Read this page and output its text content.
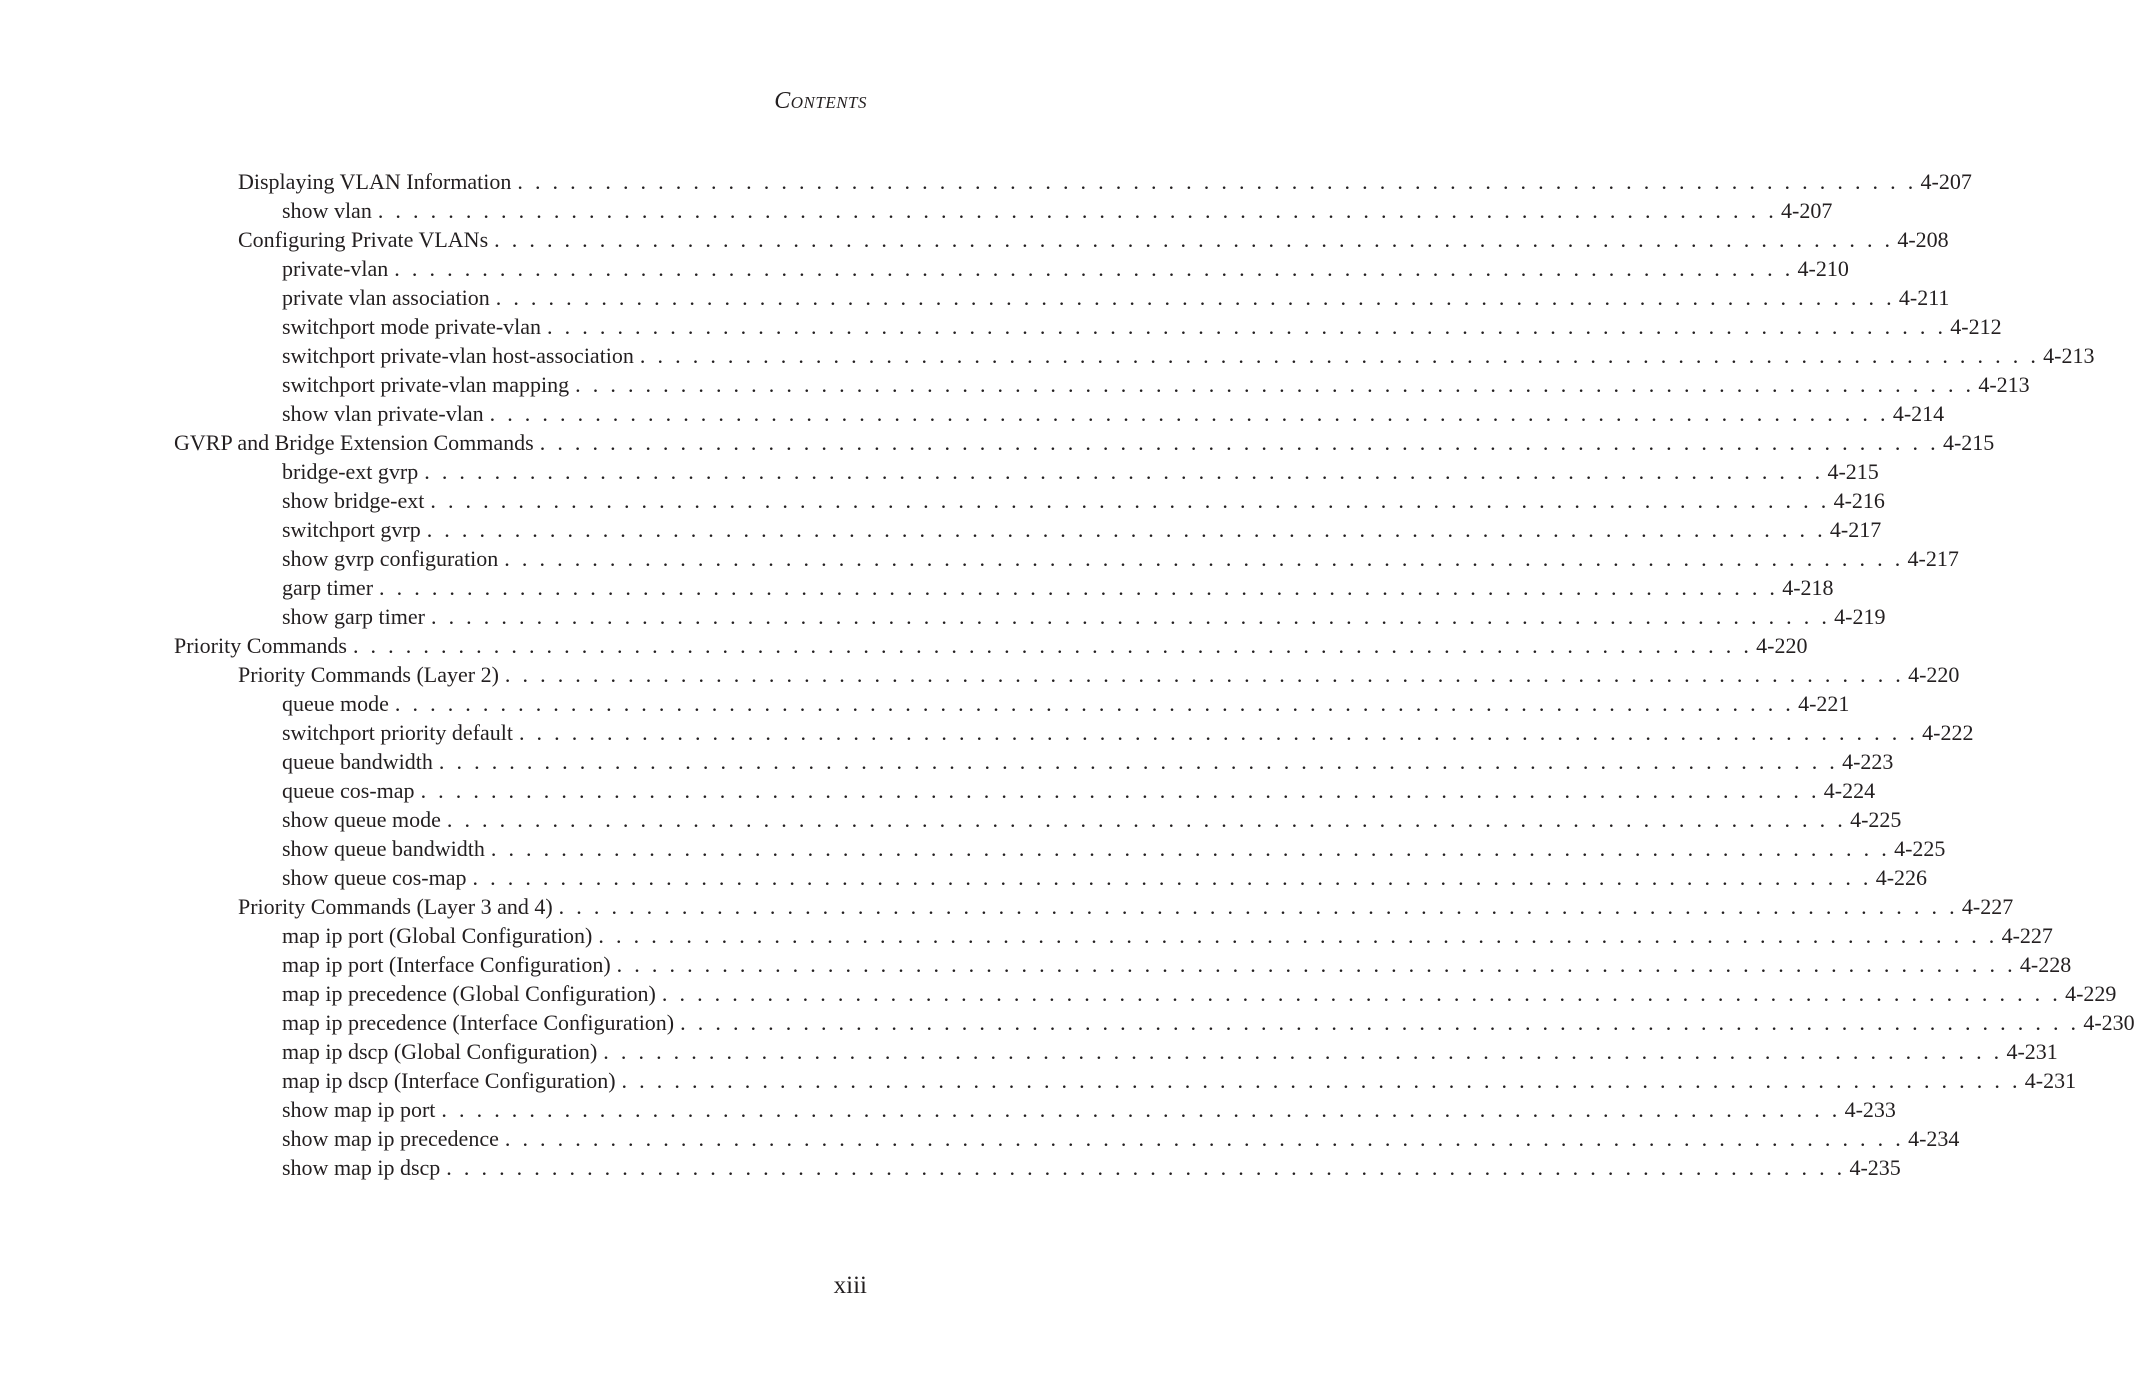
CONTENTS
Displaying VLAN Information . . . . . . . . . . . . . . . . . . . . . . . . . . . . . . . . . . . . . . . . . . . . . . . . . . . . . . . . . . . . . . . . . . . . . . . . . . . . . . . . 4-207
show vlan . . . . . . . . . . . . . . . . . . . . . . . . . . . . . . . . . . . . . . . . . . . . . . . . . . . . . . . . . . . . . . . . . . . . . . . . . . . . . . . . 4-207
Configuring Private VLANs . . . . . . . . . . . . . . . . . . . . . . . . . . . . . . . . . . . . . . . . . . . . . . . . . . . . . . . . . . . . . . . . . . . . . . . . . . . . . . . . 4-208
private-vlan . . . . . . . . . . . . . . . . . . . . . . . . . . . . . . . . . . . . . . . . . . . . . . . . . . . . . . . . . . . . . . . . . . . . . . . . . . . . . . . . 4-210
private vlan association . . . . . . . . . . . . . . . . . . . . . . . . . . . . . . . . . . . . . . . . . . . . . . . . . . . . . . . . . . . . . . . . . . . . . . . . . . . . . . . . 4-211
switchport mode private-vlan . . . . . . . . . . . . . . . . . . . . . . . . . . . . . . . . . . . . . . . . . . . . . . . . . . . . . . . . . . . . . . . . . . . . . . . . . . . . . . . . 4-212
switchport private-vlan host-association . . . . . . . . . . . . . . . . . . . . . . . . . . . . . . . . . . . . . . . . . . . . . . . . . . . . . . . . . . . . . . . . . . . . . . . . . . . . . . . . 4-213
switchport private-vlan mapping . . . . . . . . . . . . . . . . . . . . . . . . . . . . . . . . . . . . . . . . . . . . . . . . . . . . . . . . . . . . . . . . . . . . . . . . . . . . . . . . 4-213
show vlan private-vlan . . . . . . . . . . . . . . . . . . . . . . . . . . . . . . . . . . . . . . . . . . . . . . . . . . . . . . . . . . . . . . . . . . . . . . . . . . . . . . . . 4-214
GVRP and Bridge Extension Commands . . . . . . . . . . . . . . . . . . . . . . . . . . . . . . . . . . . . . . . . . . . . . . . . . . . . . . . . . . . . . . . . . . . . . . . . . . . . . . . . 4-215
bridge-ext gvrp . . . . . . . . . . . . . . . . . . . . . . . . . . . . . . . . . . . . . . . . . . . . . . . . . . . . . . . . . . . . . . . . . . . . . . . . . . . . . . . . 4-215
show bridge-ext . . . . . . . . . . . . . . . . . . . . . . . . . . . . . . . . . . . . . . . . . . . . . . . . . . . . . . . . . . . . . . . . . . . . . . . . . . . . . . . . 4-216
switchport gvrp . . . . . . . . . . . . . . . . . . . . . . . . . . . . . . . . . . . . . . . . . . . . . . . . . . . . . . . . . . . . . . . . . . . . . . . . . . . . . . . . 4-217
show gvrp configuration . . . . . . . . . . . . . . . . . . . . . . . . . . . . . . . . . . . . . . . . . . . . . . . . . . . . . . . . . . . . . . . . . . . . . . . . . . . . . . . . 4-217
garp timer . . . . . . . . . . . . . . . . . . . . . . . . . . . . . . . . . . . . . . . . . . . . . . . . . . . . . . . . . . . . . . . . . . . . . . . . . . . . . . . . 4-218
show garp timer . . . . . . . . . . . . . . . . . . . . . . . . . . . . . . . . . . . . . . . . . . . . . . . . . . . . . . . . . . . . . . . . . . . . . . . . . . . . . . . . 4-219
Priority Commands . . . . . . . . . . . . . . . . . . . . . . . . . . . . . . . . . . . . . . . . . . . . . . . . . . . . . . . . . . . . . . . . . . . . . . . . . . . . . . . . 4-220
Priority Commands (Layer 2) . . . . . . . . . . . . . . . . . . . . . . . . . . . . . . . . . . . . . . . . . . . . . . . . . . . . . . . . . . . . . . . . . . . . . . . . . . . . . . . . 4-220
queue mode . . . . . . . . . . . . . . . . . . . . . . . . . . . . . . . . . . . . . . . . . . . . . . . . . . . . . . . . . . . . . . . . . . . . . . . . . . . . . . . . 4-221
switchport priority default . . . . . . . . . . . . . . . . . . . . . . . . . . . . . . . . . . . . . . . . . . . . . . . . . . . . . . . . . . . . . . . . . . . . . . . . . . . . . . . . 4-222
queue bandwidth . . . . . . . . . . . . . . . . . . . . . . . . . . . . . . . . . . . . . . . . . . . . . . . . . . . . . . . . . . . . . . . . . . . . . . . . . . . . . . . . 4-223
queue cos-map . . . . . . . . . . . . . . . . . . . . . . . . . . . . . . . . . . . . . . . . . . . . . . . . . . . . . . . . . . . . . . . . . . . . . . . . . . . . . . . . 4-224
show queue mode . . . . . . . . . . . . . . . . . . . . . . . . . . . . . . . . . . . . . . . . . . . . . . . . . . . . . . . . . . . . . . . . . . . . . . . . . . . . . . . . 4-225
show queue bandwidth . . . . . . . . . . . . . . . . . . . . . . . . . . . . . . . . . . . . . . . . . . . . . . . . . . . . . . . . . . . . . . . . . . . . . . . . . . . . . . . . 4-225
show queue cos-map . . . . . . . . . . . . . . . . . . . . . . . . . . . . . . . . . . . . . . . . . . . . . . . . . . . . . . . . . . . . . . . . . . . . . . . . . . . . . . . . 4-226
Priority Commands (Layer 3 and 4) . . . . . . . . . . . . . . . . . . . . . . . . . . . . . . . . . . . . . . . . . . . . . . . . . . . . . . . . . . . . . . . . . . . . . . . . . . . . . . . . 4-227
map ip port (Global Configuration) . . . . . . . . . . . . . . . . . . . . . . . . . . . . . . . . . . . . . . . . . . . . . . . . . . . . . . . . . . . . . . . . . . . . . . . . . . . . . . . . 4-227
map ip port (Interface Configuration) . . . . . . . . . . . . . . . . . . . . . . . . . . . . . . . . . . . . . . . . . . . . . . . . . . . . . . . . . . . . . . . . . . . . . . . . . . . . . . . . 4-228
map ip precedence (Global Configuration) . . . . . . . . . . . . . . . . . . . . . . . . . . . . . . . . . . . . . . . . . . . . . . . . . . . . . . . . . . . . . . . . . . . . . . . . . . . . . . . . 4-229
map ip precedence (Interface Configuration) . . . . . . . . . . . . . . . . . . . . . . . . . . . . . . . . . . . . . . . . . . . . . . . . . . . . . . . . . . . . . . . . . . . . . . . . . . . . . . . . 4-230
map ip dscp (Global Configuration) . . . . . . . . . . . . . . . . . . . . . . . . . . . . . . . . . . . . . . . . . . . . . . . . . . . . . . . . . . . . . . . . . . . . . . . . . . . . . . . . 4-231
map ip dscp (Interface Configuration) . . . . . . . . . . . . . . . . . . . . . . . . . . . . . . . . . . . . . . . . . . . . . . . . . . . . . . . . . . . . . . . . . . . . . . . . . . . . . . . . 4-231
show map ip port . . . . . . . . . . . . . . . . . . . . . . . . . . . . . . . . . . . . . . . . . . . . . . . . . . . . . . . . . . . . . . . . . . . . . . . . . . . . . . . . 4-233
show map ip precedence . . . . . . . . . . . . . . . . . . . . . . . . . . . . . . . . . . . . . . . . . . . . . . . . . . . . . . . . . . . . . . . . . . . . . . . . . . . . . . . . 4-234
show map ip dscp . . . . . . . . . . . . . . . . . . . . . . . . . . . . . . . . . . . . . . . . . . . . . . . . . . . . . . . . . . . . . . . . . . . . . . . . . . . . . . . . 4-235
xiii
